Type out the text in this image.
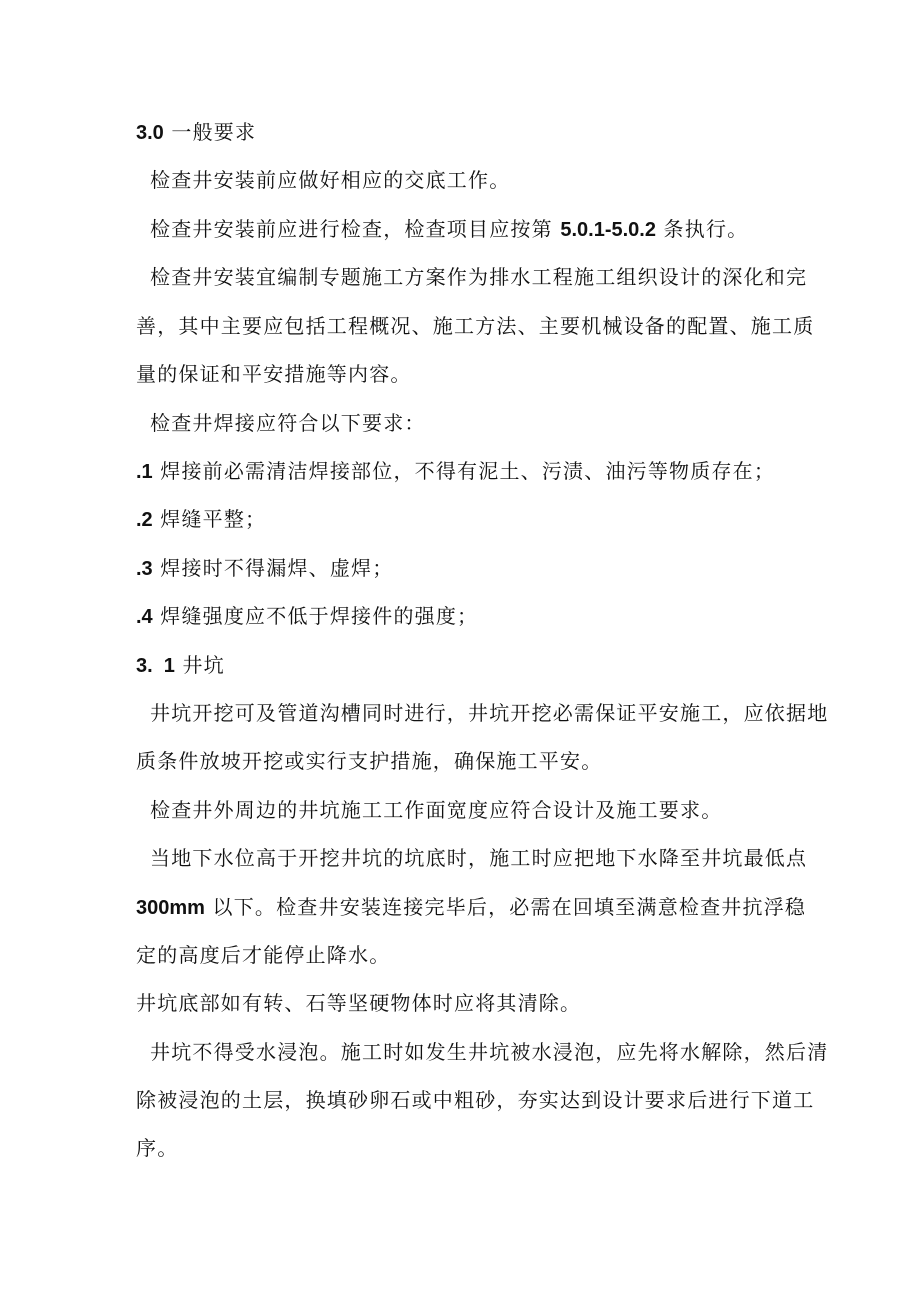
3.0 一般要求
检查井安装前应做好相应的交底工作。
检查井安装前应进行检查，检查项目应按第 5.0.1-5.0.2 条执行。
检查井安装宜编制专题施工方案作为排水工程施工组织设计的深化和完
善，其中主要应包括工程概况、施工方法、主要机械设备的配置、施工质
量的保证和平安措施等内容。
检查井焊接应符合以下要求：
.1 焊接前必需清洁焊接部位，不得有泥土、污渍、油污等物质存在；
.2 焊缝平整；
.3 焊接时不得漏焊、虚焊；
.4 焊缝强度应不低于焊接件的强度；
3.  1 井坑
井坑开挖可及管道沟槽同时进行，井坑开挖必需保证平安施工，应依据地
质条件放坡开挖或实行支护措施，确保施工平安。
检查井外周边的井坑施工工作面宽度应符合设计及施工要求。
当地下水位高于开挖井坑的坑底时，施工时应把地下水降至井坑最低点
300mm 以下。检查井安装连接完毕后，必需在回填至满意检查井抗浮稳
定的高度后才能停止降水。
井坑底部如有转、石等坚硬物体时应将其清除。
井坑不得受水浸泡。施工时如发生井坑被水浸泡，应先将水解除，然后清
除被浸泡的土层，换填砂卵石或中粗砂，夯实达到设计要求后进行下道工
序。
